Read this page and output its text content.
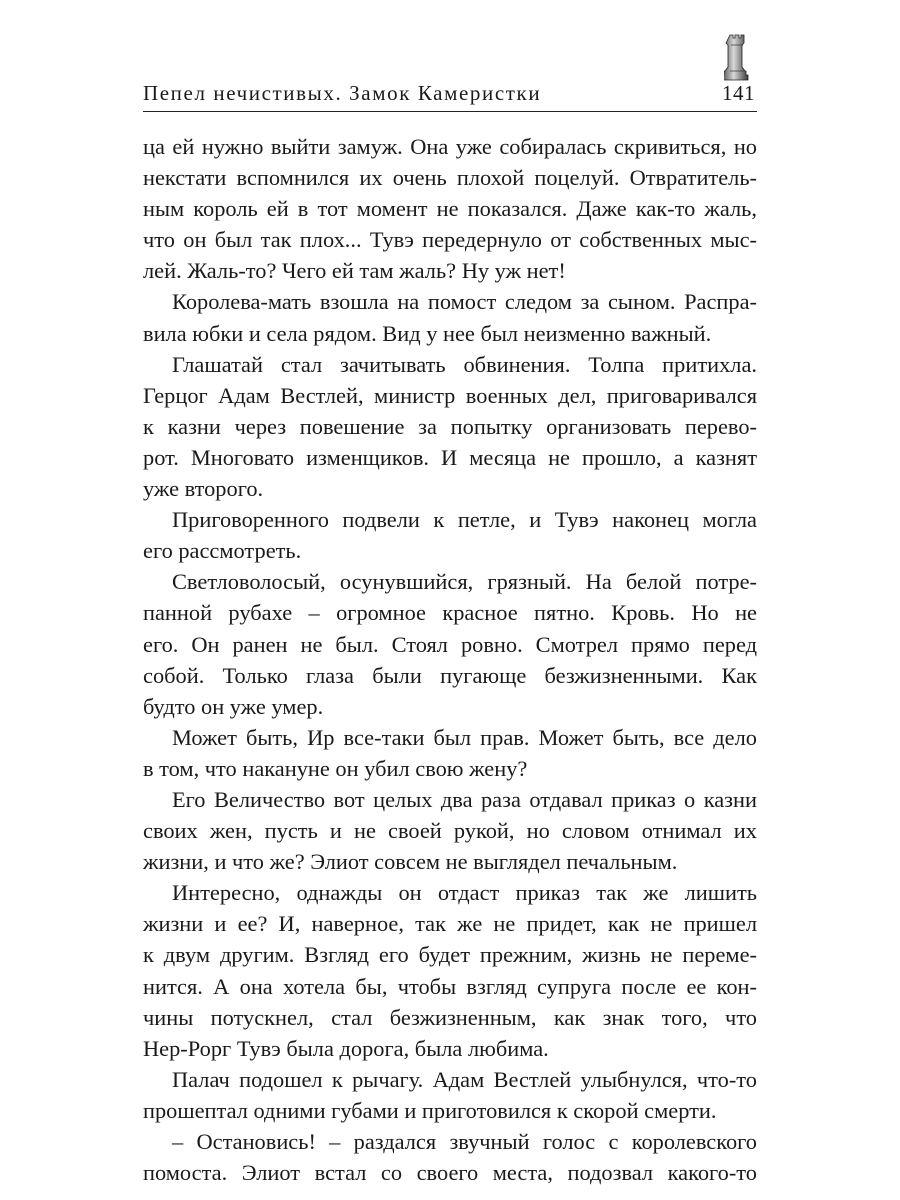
Пепел нечистивых. Замок Камеристки	141
ца ей нужно выйти замуж. Она уже собиралась скривиться, но
некстати вспомнился их очень плохой поцелуй. Отвратитель-
ным король ей в тот момент не показался. Даже как-то жаль,
что он был так плох... Тувэ передернуло от собственных мыс-
лей. Жаль-то? Чего ей там жаль? Ну уж нет!
Королева-мать взошла на помост следом за сыном. Распра-
вила юбки и села рядом. Вид у нее был неизменно важный.
Глашатай стал зачитывать обвинения. Толпа притихла.
Герцог Адам Вестлей, министр военных дел, приговаривался
к казни через повешение за попытку организовать перево-
рот. Многовато изменщиков. И месяца не прошло, а казнят
уже второго.
Приговоренного подвели к петле, и Тувэ наконец могла
его рассмотреть.
Светловолосый, осунувшийся, грязный. На белой потре-
панной рубахе – огромное красное пятно. Кровь. Но не
его. Он ранен не был. Стоял ровно. Смотрел прямо перед
собой. Только глаза были пугающе безжизненными. Как
будто он уже умер.
Может быть, Ир все-таки был прав. Может быть, все дело
в том, что накануне он убил свою жену?
Его Величество вот целых два раза отдавал приказ о казни
своих жен, пусть и не своей рукой, но словом отнимал их
жизни, и что же? Элиот совсем не выглядел печальным.
Интересно, однажды он отдаст приказ так же лишить
жизни и ее? И, наверное, так же не придет, как не пришел
к двум другим. Взгляд его будет прежним, жизнь не переме-
нится. А она хотела бы, чтобы взгляд супруга после ее кон-
чины потускнел, стал безжизненным, как знак того, что
Нер-Рорг Тувэ была дорога, была любима.
Палач подошел к рычагу. Адам Вестлей улыбнулся, что-то
прошептал одними губами и приготовился к скорой смерти.
– Остановись! – раздался звучный голос с королевского
помоста. Элиот встал со своего места, подозвал какого-то
